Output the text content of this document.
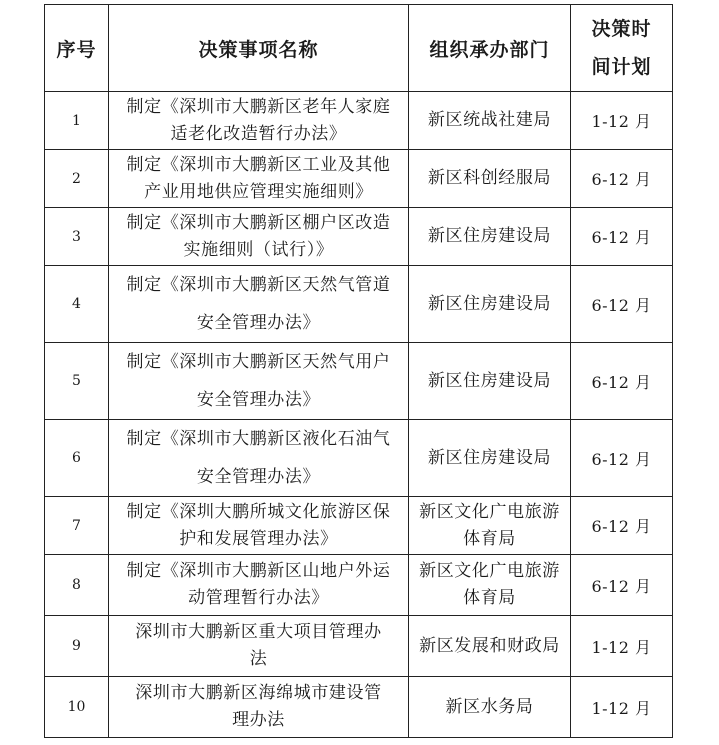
序号	决策事项名称	组织承办部门	决策时
间计划

1	制定《深圳市大鹏新区老年人家庭
适老化改造暂行办法》	新区统战社建局	1-12 月
2	制定《深圳市大鹏新区工业及其他
产业用地供应管理实施细则》	新区科创经服局	6-12 月
3	制定《深圳市大鹏新区棚户区改造
实施细则（试行）》	新区住房建设局	6-12 月
4	制定《深圳市大鹏新区天然气管道
安全管理办法》	新区住房建设局	6-12 月
5	制定《深圳市大鹏新区天然气用户
安全管理办法》	新区住房建设局	6-12 月
6	制定《深圳市大鹏新区液化石油气
安全管理办法》	新区住房建设局	6-12 月
7	制定《深圳大鹏所城文化旅游区保
护和发展管理办法》	新区文化广电旅游
体育局	6-12 月
8	制定《深圳市大鹏新区山地户外运
动管理暂行办法》	新区文化广电旅游
体育局	6-12 月
9	深圳市大鹏新区重大项目管理办
法	新区发展和财政局	1-12 月
10	深圳市大鹏新区海绵城市建设管
理办法	新区水务局	1-12 月
